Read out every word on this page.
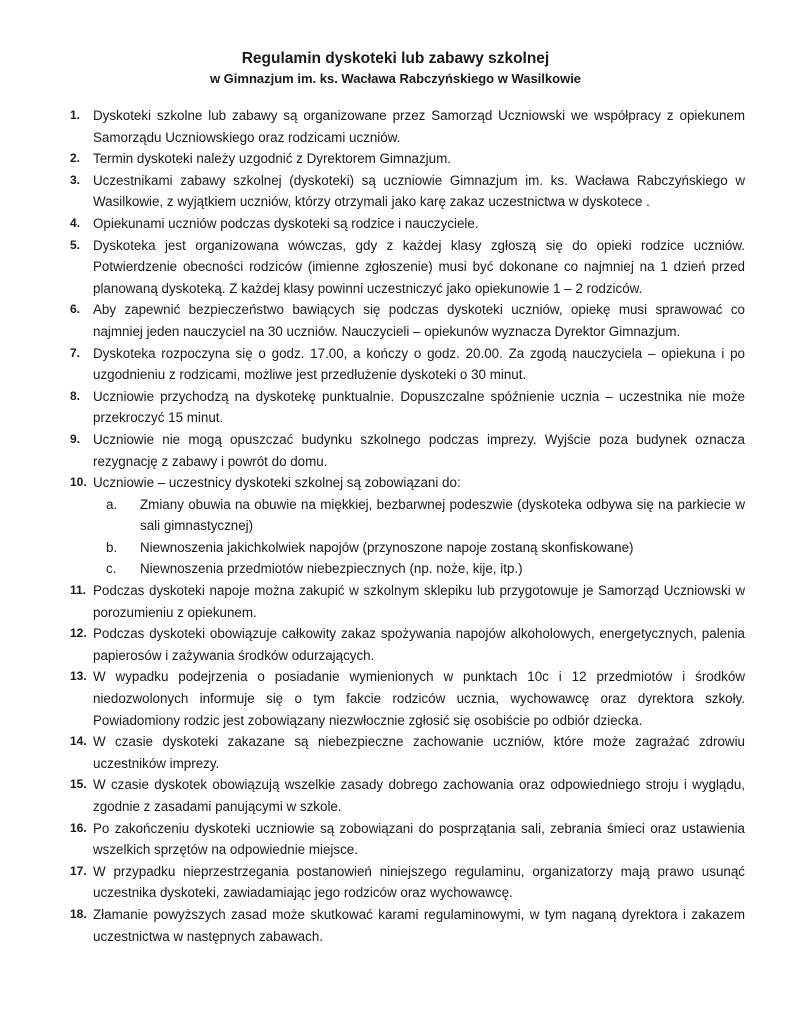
Regulamin dyskoteki lub zabawy szkolnej
w Gimnazjum im. ks. Wacława Rabczyńskiego w Wasilkowie
1. Dyskoteki szkolne lub zabawy są organizowane przez Samorząd Uczniowski we współpracy z opiekunem Samorządu Uczniowskiego oraz rodzicami uczniów.
2. Termin dyskoteki należy uzgodnić z Dyrektorem Gimnazjum.
3. Uczestnikami zabawy szkolnej (dyskoteki) są uczniowie Gimnazjum im. ks. Wacława Rabczyńskiego w Wasilkowie, z wyjątkiem uczniów, którzy otrzymali jako karę zakaz uczestnictwa w dyskotece .
4. Opiekunami uczniów podczas dyskoteki są rodzice i nauczyciele.
5. Dyskoteka jest organizowana wówczas, gdy z każdej klasy zgłoszą się do opieki rodzice uczniów. Potwierdzenie obecności rodziców (imienne zgłoszenie) musi być dokonane co najmniej na 1 dzień przed planowaną dyskoteką. Z każdej klasy powinni uczestniczyć jako opiekunowie 1 – 2 rodziców.
6. Aby zapewnić bezpieczeństwo bawiących się podczas dyskoteki uczniów, opiekę musi sprawować co najmniej jeden nauczyciel na 30 uczniów. Nauczycieli – opiekunów wyznacza Dyrektor Gimnazjum.
7. Dyskoteka rozpoczyna się o godz. 17.00, a kończy o godz. 20.00. Za zgodą nauczyciela – opiekuna i po uzgodnieniu z rodzicami, możliwe jest przedłużenie dyskoteki o 30 minut.
8. Uczniowie przychodzą na dyskotekę punktualnie. Dopuszczalne spóźnienie ucznia – uczestnika nie może przekroczyć 15 minut.
9. Uczniowie nie mogą opuszczać budynku szkolnego podczas imprezy. Wyjście poza budynek oznacza rezygnację z zabawy i powrót do domu.
10. Uczniowie – uczestnicy dyskoteki szkolnej są zobowiązani do:
a. Zmiany obuwia na obuwie na miękkiej, bezbarwnej podeszwie (dyskoteka odbywa się na parkiecie w sali gimnastycznej)
b. Niewnoszenia jakichkolwiek napojów (przynoszone napoje zostaną skonfiskowane)
c. Niewnoszenia przedmiotów niebezpiecznych (np. noże, kije, itp.)
11. Podczas dyskoteki napoje można zakupić w szkolnym sklepiku lub przygotowuje je Samorząd Uczniowski w porozumieniu z opiekunem.
12. Podczas dyskoteki obowiązuje całkowity zakaz spożywania napojów alkoholowych, energetycznych, palenia papierosów i zażywania środków odurzających.
13. W wypadku podejrzenia o posiadanie wymienionych w punktach 10c i 12 przedmiotów i środków niedozwolonych informuje się o tym fakcie rodziców ucznia, wychowawcę oraz dyrektora szkoły. Powiadomiony rodzic jest zobowiązany niezwłocznie zgłosić się osobiście po odbiór dziecka.
14. W czasie dyskoteki zakazane są niebezpieczne zachowanie uczniów, które może zagrażać zdrowiu uczestników imprezy.
15. W czasie dyskotek obowiązują wszelkie zasady dobrego zachowania oraz odpowiedniego stroju i wyglądu, zgodnie z zasadami panującymi w szkole.
16. Po zakończeniu dyskoteki uczniowie są zobowiązani do posprzątania sali, zebrania śmieci oraz ustawienia wszelkich sprzętów na odpowiednie miejsce.
17. W przypadku nieprzestrzegania postanowień niniejszego regulaminu, organizatorzy mają prawo usunąć uczestnika dyskoteki, zawiadamiając jego rodziców oraz wychowawcę.
18. Złamanie powyższych zasad może skutkować karami regulaminowymi, w tym naganą dyrektora i zakazem uczestnictwa w następnych zabawach.
